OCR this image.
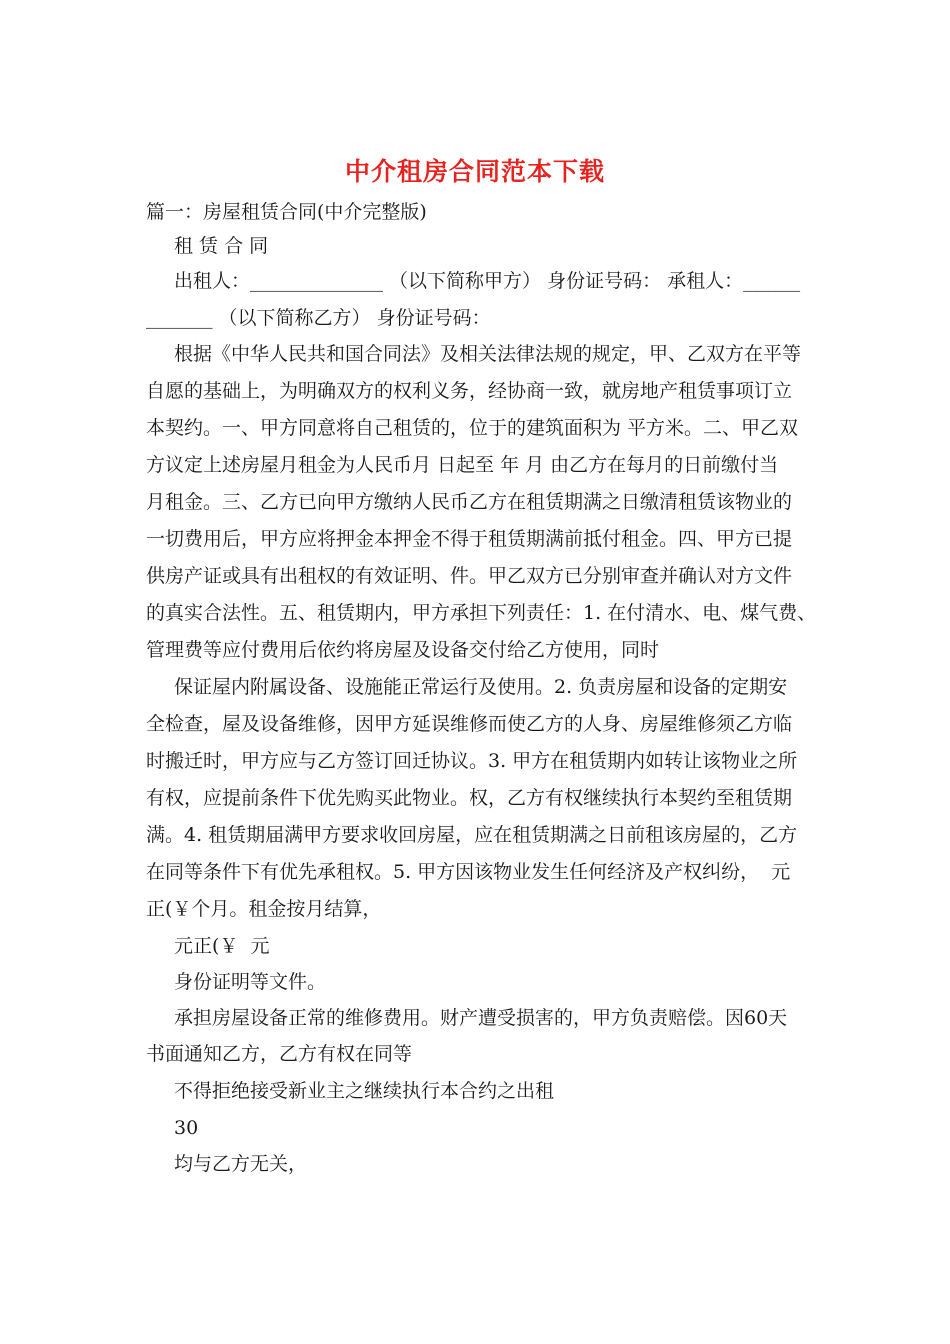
中介租房合同范本下载
篇一：房屋租赁合同(中介完整版)
租 赁 合 同
出租人：______________ （以下简称甲方） 身份证号码： 承租人：______
_______ （以下简称乙方） 身份证号码：
根据《中华人民共和国合同法》及相关法律法规的规定，甲、乙双方在平等
自愿的基础上，为明确双方的权利义务，经协商一致，就房地产租赁事项订立
本契约。一、甲方同意将自己租赁的，位于的建筑面积为 平方米。二、甲乙双
方议定上述房屋月租金为人民币月 日起至 年 月 由乙方在每月的日前缴付当
月租金。三、乙方已向甲方缴纳人民币乙方在租赁期满之日缴清租赁该物业的
一切费用后，甲方应将押金本押金不得于租赁期满前抵付租金。四、甲方已提
供房产证或具有出租权的有效证明、件。甲乙双方已分别审查并确认对方文件
的真实合法性。五、租赁期内，甲方承担下列责任：1. 在付清水、电、煤气费、
管理费等应付费用后依约将房屋及设备交付给乙方使用，同时
保证屋内附属设备、设施能正常运行及使用。2. 负责房屋和设备的定期安
全检查，屋及设备维修，因甲方延误维修而使乙方的人身、房屋维修须乙方临
时搬迁时，甲方应与乙方签订回迁协议。3. 甲方在租赁期内如转让该物业之所
有权，应提前条件下优先购买此物业。权，乙方有权继续执行本契约至租赁期
满。4. 租赁期届满甲方要求收回房屋，应在租赁期满之日前租该房屋的，乙方
在同等条件下有优先承租权。5. 甲方因该物业发生任何经济及产权纠纷，  元
正(￥个月。租金按月结算，
元正(￥  元
身份证明等文件。
承担房屋设备正常的维修费用。财产遭受损害的，甲方负责赔偿。因60天
书面通知乙方，乙方有权在同等
不得拒绝接受新业主之继续执行本合约之出租
30
均与乙方无关，
